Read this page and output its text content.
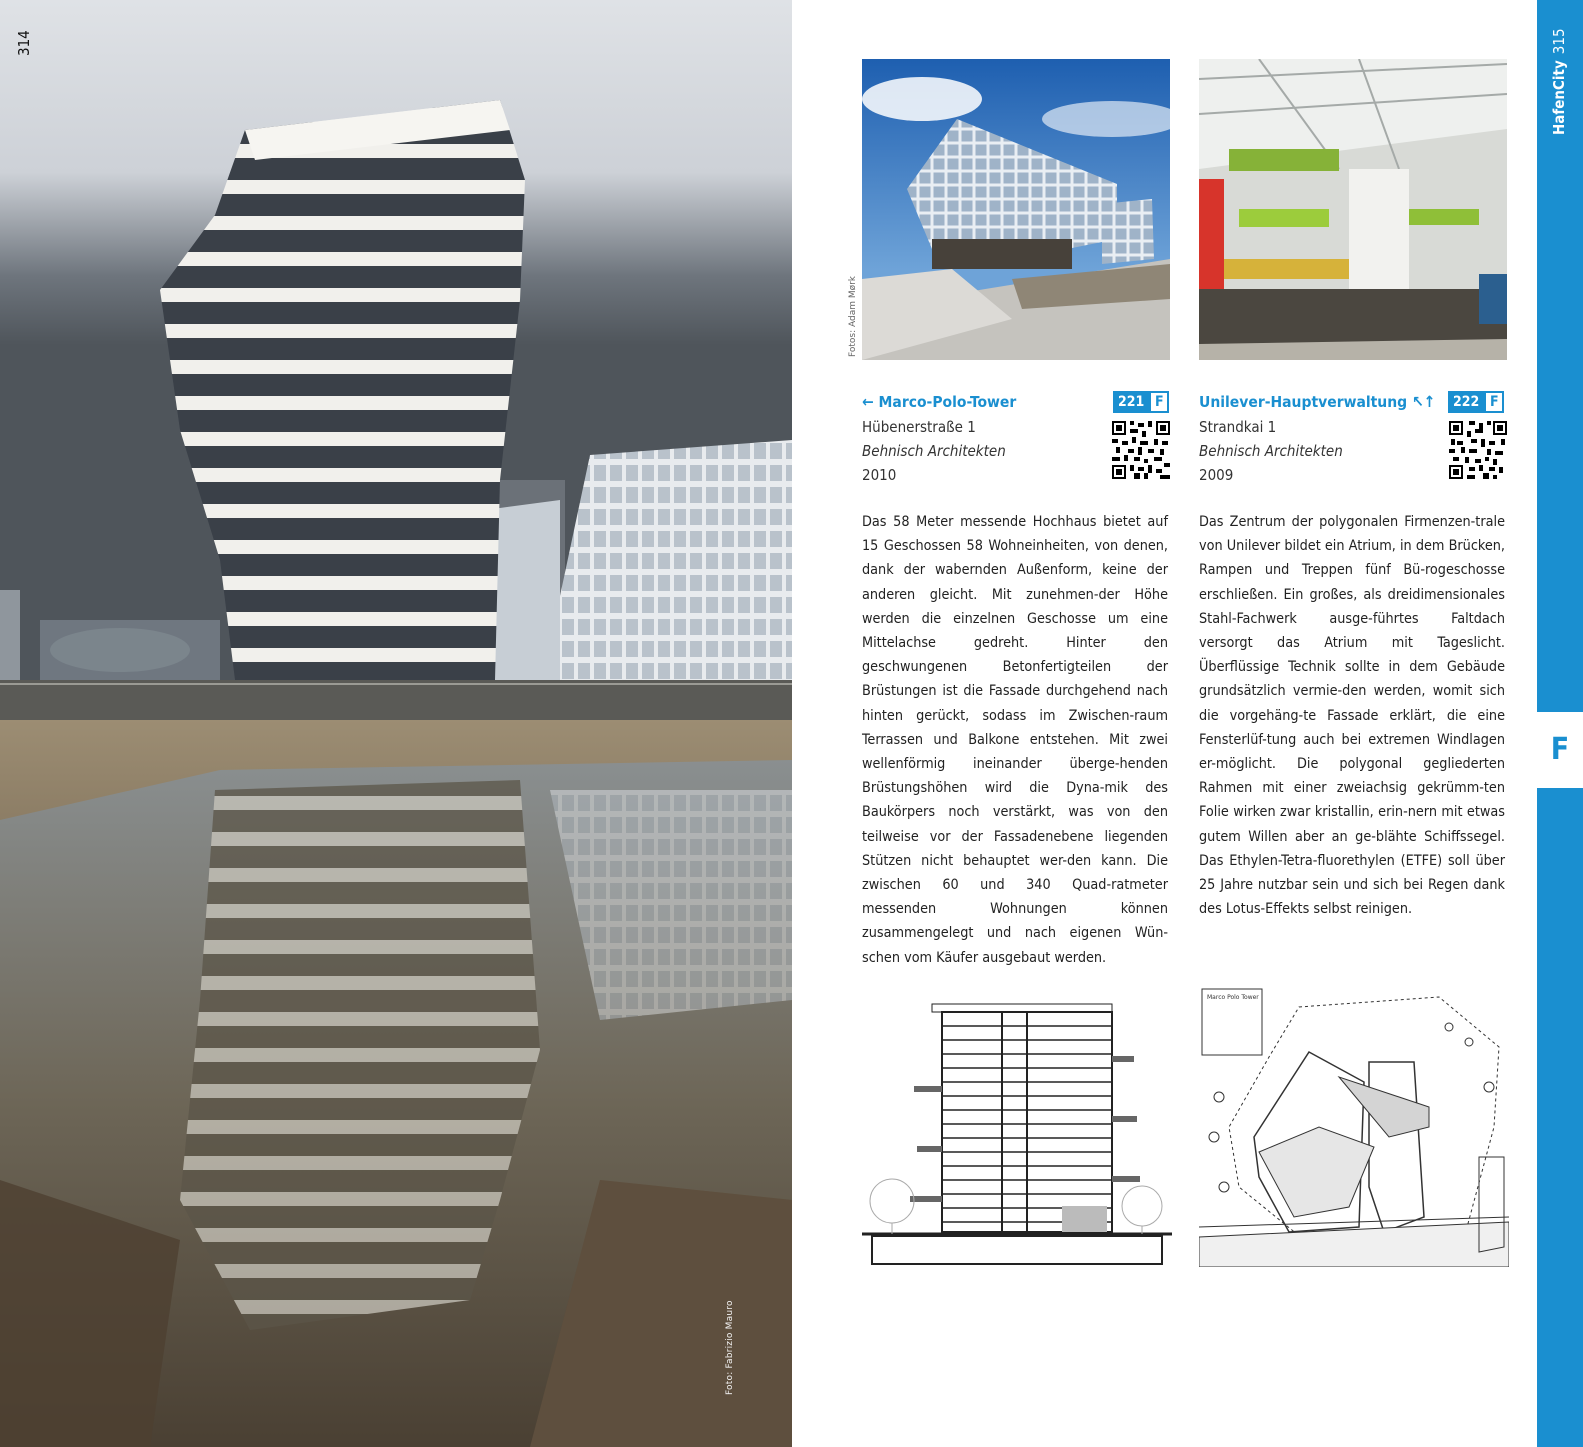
314
Foto: Fabrizio Mauro
Fotos: Adam Mørk
← Marco-Polo-Tower	221 F
Hübenerstraße 1
Behnisch Architekten
2010
Das 58 Meter messende Hochhaus bietet auf 15 Geschossen 58 Wohneinheiten, von denen, dank der wabernden Außenform, keine der anderen gleicht. Mit zunehmen-der Höhe werden die einzelnen Geschosse um eine Mittelachse gedreht. Hinter den geschwungenen Betonfertigteilen der Brüstungen ist die Fassade durchgehend nach hinten gerückt, sodass im Zwischen-raum Terrassen und Balkone entstehen. Mit zwei wellenförmig ineinander überge-henden Brüstungshöhen wird die Dyna-mik des Baukörpers noch verstärkt, was von den teilweise vor der Fassadenebene liegenden Stützen nicht behauptet wer-den kann. Die zwischen 60 und 340 Quad-ratmeter messenden Wohnungen können zusammengelegt und nach eigenen Wün-schen vom Käufer ausgebaut werden.
Unilever-Hauptverwaltung ↖↑	222 F
Strandkai 1
Behnisch Architekten
2009
Das Zentrum der polygonalen Firmenzen-trale von Unilever bildet ein Atrium, in dem Brücken, Rampen und Treppen fünf Bü-rogeschosse erschließen. Ein großes, als dreidimensionales Stahl-Fachwerk ausge-führtes Faltdach versorgt das Atrium mit Tageslicht. Überflüssige Technik sollte in dem Gebäude grundsätzlich vermie-den werden, womit sich die vorgehäng-te Fassade erklärt, die eine Fensterlüf-tung auch bei extremen Windlagen er-möglicht. Die polygonal gegliederten Rahmen mit einer zweiachsig gekrümm-ten Folie wirken zwar kristallin, erin-nern mit etwas gutem Willen aber an ge-blähte Schiffssegel. Das Ethylen-Tetra-fluorethylen (ETFE) soll über 25 Jahre nutzbar sein und sich bei Regen dank des Lotus-Effekts selbst reinigen.
Marco Polo Tower
F
HafenCity315
